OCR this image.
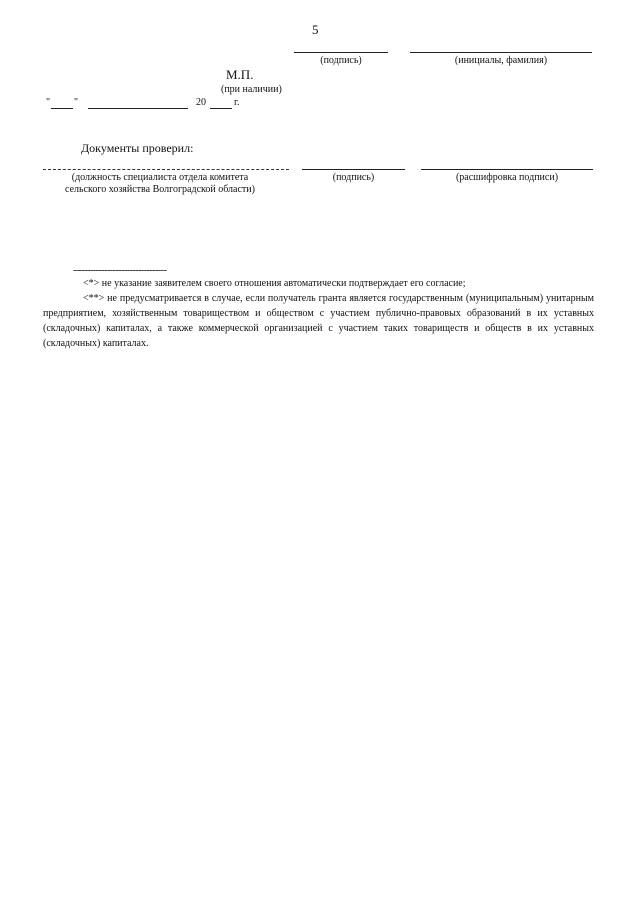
5
(подпись)	(инициалы, фамилия)
М.П.
(при наличии)
" "	20	г.
Документы проверил:
(должность специалиста отдела комитета сельского хозяйства Волгоградской области)
(подпись)	(расшифровка подписи)
---------------------------------

<*> не указание заявителем своего отношения автоматически подтверждает его согласие;

<**> не предусматривается в случае, если получатель гранта является государственным (муниципальным) унитарным предприятием, хозяйственным товариществом и обществом с участием публично-правовых образований в их уставных (складочных) капиталах, а также коммерческой организацией с участием таких товариществ и обществ в их уставных (складочных) капиталах.
